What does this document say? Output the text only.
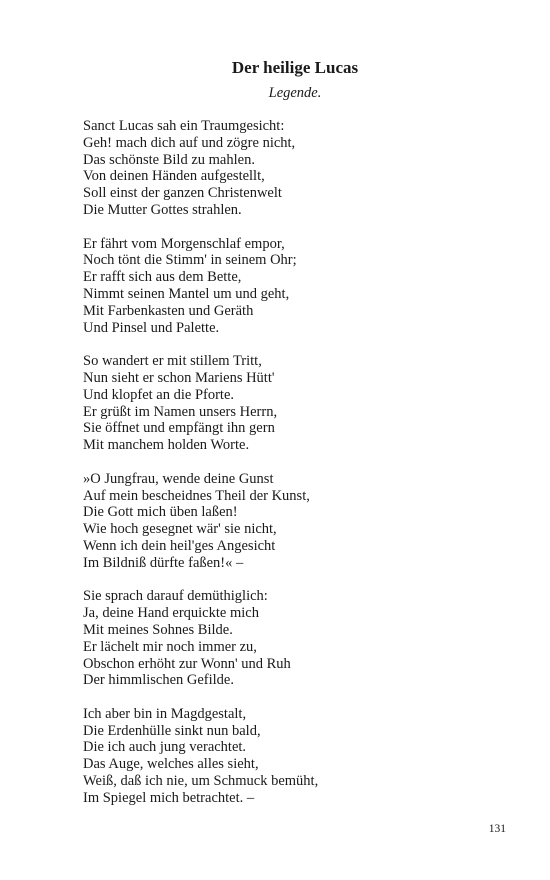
Der heilige Lucas
Legende.
Sanct Lucas sah ein Traumgesicht:
Geh! mach dich auf und zögre nicht,
Das schönste Bild zu mahlen.
Von deinen Händen aufgestellt,
Soll einst der ganzen Christenwelt
Die Mutter Gottes strahlen.
Er fährt vom Morgenschlaf empor,
Noch tönt die Stimm' in seinem Ohr;
Er rafft sich aus dem Bette,
Nimmt seinen Mantel um und geht,
Mit Farbenkasten und Geräth
Und Pinsel und Palette.
So wandert er mit stillem Tritt,
Nun sieht er schon Mariens Hütt'
Und klopfet an die Pforte.
Er grüßt im Namen unsers Herrn,
Sie öffnet und empfängt ihn gern
Mit manchem holden Worte.
»O Jungfrau, wende deine Gunst
Auf mein bescheidnes Theil der Kunst,
Die Gott mich üben laßen!
Wie hoch gesegnet wär' sie nicht,
Wenn ich dein heil'ges Angesicht
Im Bildniß dürfte faßen!« –
Sie sprach darauf demüthiglich:
Ja, deine Hand erquickte mich
Mit meines Sohnes Bilde.
Er lächelt mir noch immer zu,
Obschon erhöht zur Wonn' und Ruh
Der himmlischen Gefilde.
Ich aber bin in Magdgestalt,
Die Erdenhülle sinkt nun bald,
Die ich auch jung verachtet.
Das Auge, welches alles sieht,
Weiß, daß ich nie, um Schmuck bemüht,
Im Spiegel mich betrachtet. –
131
